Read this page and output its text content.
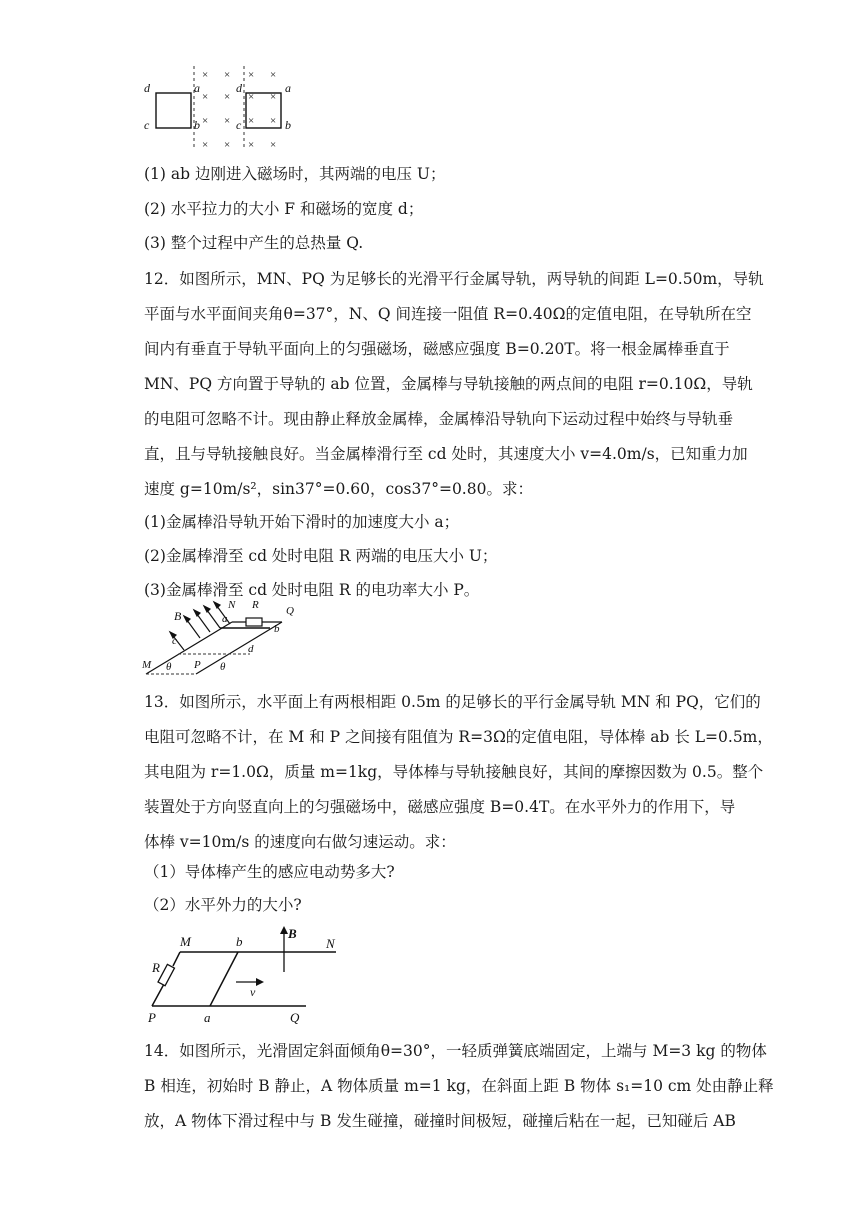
× × × ×
× × × ×
× × × ×
× × × ×
d
c
a
b	c
d	a
b
(1) ab 边刚进入磁场时，其两端的电压 U；
(2) 水平拉力的大小 F 和磁场的宽度 d；
(3) 整个过程中产生的总热量 Q.
12．如图所示，MN、PQ 为足够长的光滑平行金属导轨，两导轨的间距 L=0.50m，导轨
平面与水平面间夹角θ=37°，N、Q 间连接一阻值 R=0.40Ω的定值电阻，在导轨所在空
间内有垂直于导轨平面向上的匀强磁场，磁感应强度 B=0.20T。将一根金属棒垂直于
MN、PQ 方向置于导轨的 ab 位置，金属棒与导轨接触的两点间的电阻 r=0.10Ω，导轨
的电阻可忽略不计。现由静止释放金属棒，金属棒沿导轨向下运动过程中始终与导轨垂
直，且与导轨接触良好。当金属棒滑行至 cd 处时，其速度大小 v=4.0m/s，已知重力加
速度 g=10m/s²，sin37°=0.60，cos37°=0.80。求：
(1)金属棒沿导轨开始下滑时的加速度大小 a；
(2)金属棒滑至 cd 处时电阻 R 两端的电压大小 U；
(3)金属棒滑至 cd 处时电阻 R 的电功率大小 P。
B
N R Q
a
b
c
d
M θ P θ
13．如图所示，水平面上有两根相距 0.5m 的足够长的平行金属导轨 MN 和 PQ，它们的
电阻可忽略不计，在 M 和 P 之间接有阻值为 R=3Ω的定值电阻，导体棒 ab 长 L=0.5m，
其电阻为 r=1.0Ω，质量 m=1kg，导体棒与导轨接触良好，其间的摩擦因数为 0.5。整个
装置处于方向竖直向上的匀强磁场中，磁感应强度 B=0.4T。在水平外力的作用下，导
体棒 v=10m/s 的速度向右做匀速运动。求：
（1）导体棒产生的感应电动势多大?
（2）水平外力的大小?
M	b
B
N
R
v
P	a	Q
14．如图所示，光滑固定斜面倾角θ=30°，一轻质弹簧底端固定，上端与 M=3 kg 的物体
B 相连，初始时 B 静止，A 物体质量 m=1 kg，在斜面上距 B 物体 s₁=10 cm 处由静止释
放，A 物体下滑过程中与 B 发生碰撞，碰撞时间极短，碰撞后粘在一起，已知碰后 AB
